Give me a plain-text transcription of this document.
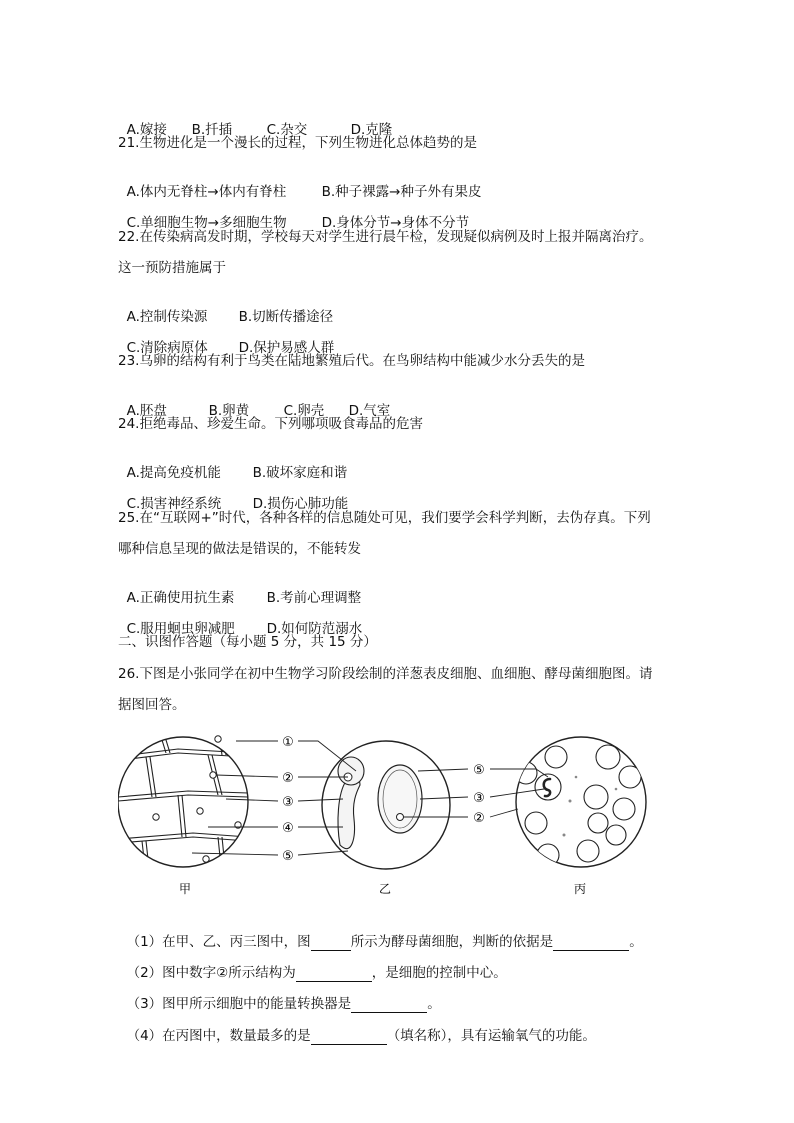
A.嫁接 B.扦插	C.杂交	D.克隆

21.生物进化是一个漫长的过程，下列生物进化总体趋势的是

A.体内无脊柱→体内有脊柱	B.种子裸露→种子外有果皮

C.单细胞生物→多细胞生物	D.身体分节→身体不分节

22.在传染病高发时期，学校每天对学生进行晨午检，发现疑似病例及时上报并隔离治疗。
这一预防措施属于

A.控制传染源 B.切断传播途径

C.清除病原体 D.保护易感人群

23.乌卵的结构有利于鸟类在陆地繁殖后代。在鸟卵结构中能减少水分丢失的是

A.胚盘	B.卵黄	C.卵壳 D.气室

24.拒绝毒品、珍爱生命。下列哪项吸食毒品的危害

A.提高免疫机能 B.破坏家庭和谐

C.损害神经系统 D.损伤心肺功能

25.在“互联网+”时代，各种各样的信息随处可见，我们要学会科学判断，去伪存真。下列
哪种信息呈现的做法是错误的，不能转发

A.正确使用抗生素 B.考前心理调整

C.服用蛔虫卵减肥 D.如何防范溺水

二、识图作答题（每小题 5 分，共 15 分）
26.下图是小张同学在初中生物学习阶段绘制的洋葱表皮细胞、血细胞、酵母菌细胞图。请
据图回答。
甲	乙	丙
①
②
③
④
⑤
⑤
③
②

（1）在甲、乙、丙三图中，图	所示为酵母菌细胞，判断的依据是	。

（2）图中数字②所示结构为	，是细胞的控制中心。

（3）图甲所示细胞中的能量转换器是	。

（4）在丙图中，数量最多的是	（填名称），具有运输氧气的功能。
